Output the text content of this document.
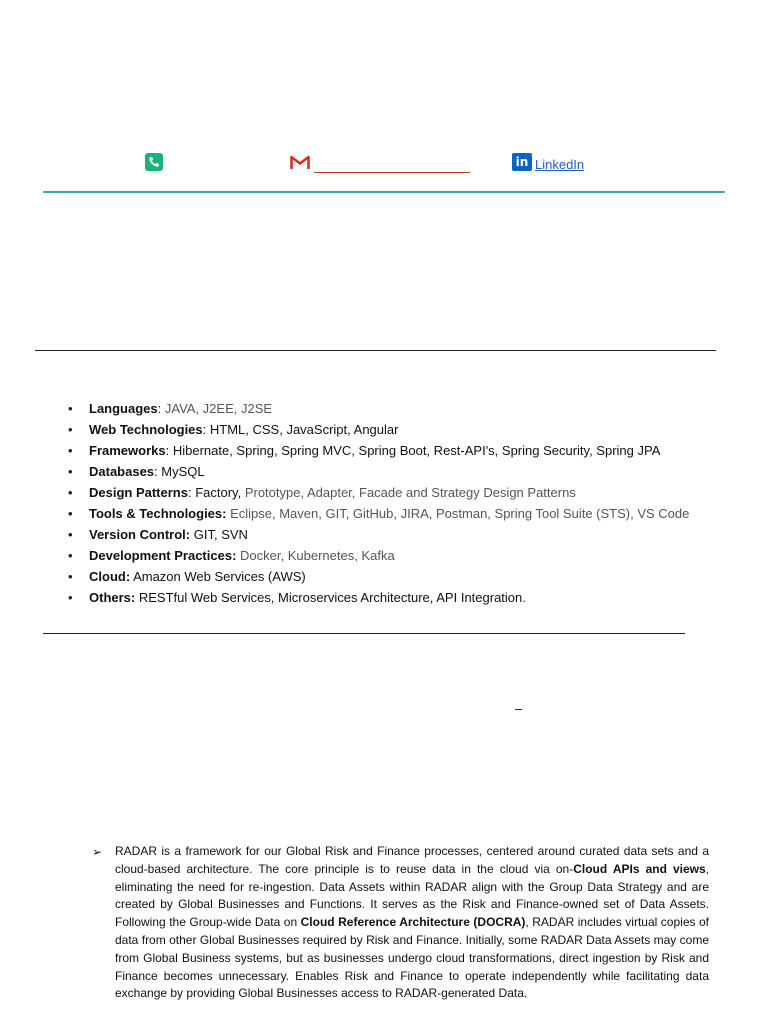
in LinkedIn
• Languages: JAVA, J2EE, J2SE
• Web Technologies: HTML, CSS, JavaScript, Angular
• Frameworks: Hibernate, Spring, Spring MVC, Spring Boot, Rest-API's, Spring Security, Spring JPA
• Databases: MySQL
• Design Patterns: Factory, Prototype, Adapter, Facade and Strategy Design Patterns
• Tools & Technologies: Eclipse, Maven, GIT, GitHub, JIRA, Postman, Spring Tool Suite (STS), VS Code
• Version Control: GIT, SVN
• Development Practices: Docker, Kubernetes, Kafka
• Cloud: Amazon Web Services (AWS)
• Others: RESTful Web Services, Microservices Architecture, API Integration.
–
➢ RADAR is a framework for our Global Risk and Finance processes, centered around curated data sets and a cloud-based architecture. The core principle is to reuse data in the cloud via on-Cloud APIs and views, eliminating the need for re-ingestion. Data Assets within RADAR align with the Group Data Strategy and are created by Global Businesses and Functions. It serves as the Risk and Finance-owned set of Data Assets. Following the Group-wide Data on Cloud Reference Architecture (DOCRA), RADAR includes virtual copies of data from other Global Businesses required by Risk and Finance. Initially, some RADAR Data Assets may come from Global Business systems, but as businesses undergo cloud transformations, direct ingestion by Risk and Finance becomes unnecessary. Enables Risk and Finance to operate independently while facilitating data exchange by providing Global Businesses access to RADAR-generated Data.
